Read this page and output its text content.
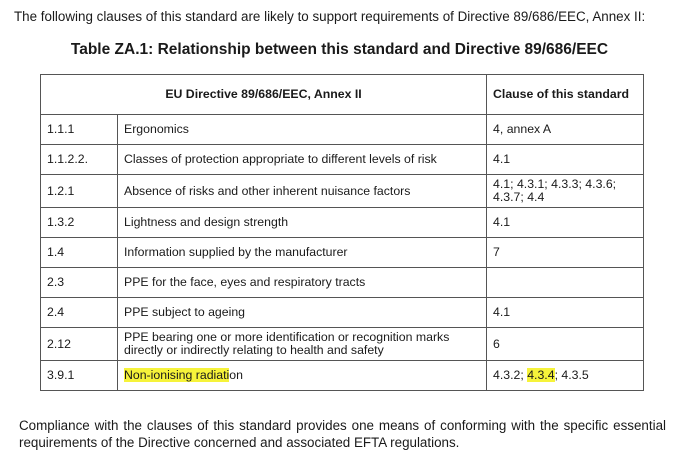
The following clauses of this standard are likely to support requirements of Directive 89/686/EEC, Annex II:

Table ZA.1: Relationship between this standard and Directive 89/686/EEC

EU Directive 89/686/EEC, Annex II		Clause of this standard
1.1.1	Ergonomics	4, annex A
1.1.2.2.	Classes of protection appropriate to different levels of risk	4.1
1.2.1	Absence of risks and other inherent nuisance factors	4.1; 4.3.1; 4.3.3; 4.3.6; 4.3.7; 4.4
1.3.2	Lightness and design strength	4.1
1.4	Information supplied by the manufacturer	7
2.3	PPE for the face, eyes and respiratory tracts	
2.4	PPE subject to ageing	4.1
2.12	PPE bearing one or more identification or recognition marks directly or indirectly relating to health and safety	6
3.9.1	Non-ionising radiation	4.3.2; 4.3.4; 4.3.5

Compliance with the clauses of this standard provides one means of conforming with the specific essential requirements of the Directive concerned and associated EFTA regulations.
